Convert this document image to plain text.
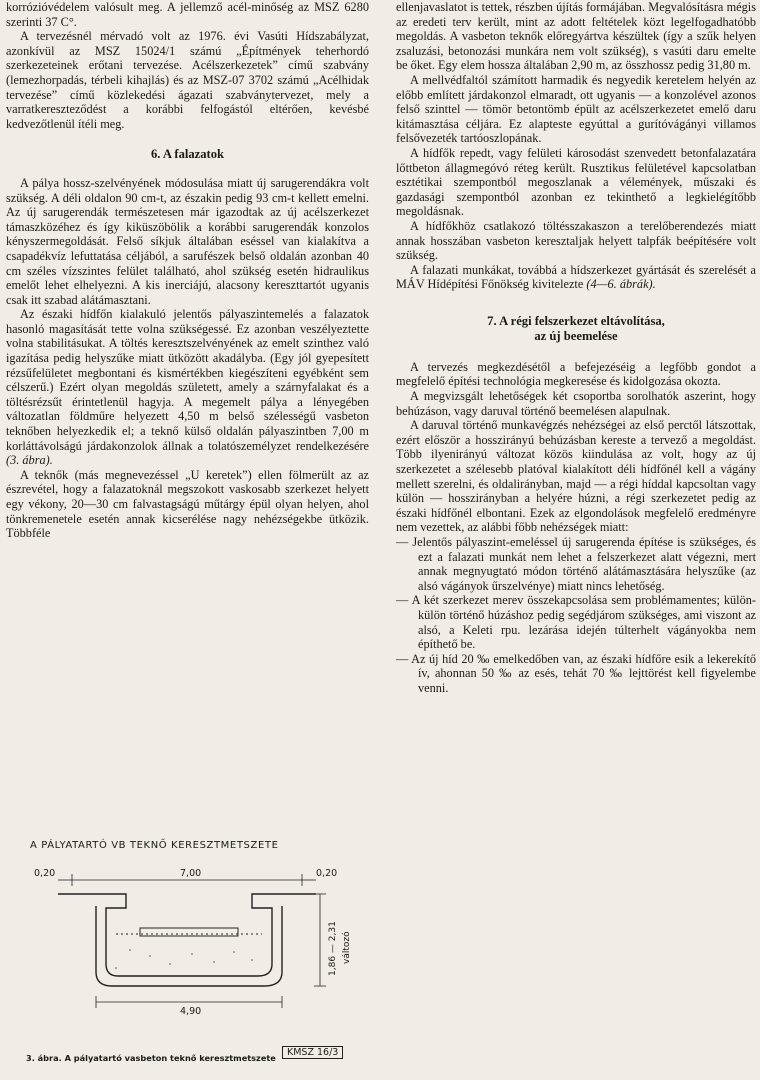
korrózióvédelem valósult meg. A jellemző acél-minőség az MSZ 6280 szerinti 37 C°.

A tervezésnél mérvadó volt az 1976. évi Vasúti Hídszabályzat, azonkívül az MSZ 15024/1 számú „Építmények teherhordó szerkezeteinek erőtani tervezése. Acélszerkezetek” című szabvány (lemezhorpadás, térbeli kihajlás) és az MSZ-07 3702 számú „Acélhidak tervezése” című közlekedési ágazati szabványtervezet, mely a varratkereszteződést a korábbi felfogástól eltérően, kevésbé kedvezőtlenül ítéli meg.

6. A falazatok

A pálya hossz-szelvényének módosulása miatt új sarugerendákra volt szükség. A déli oldalon 90 cm-t, az északin pedig 93 cm-t kellett emelni. Az új sarugerendák természetesen már igazodtak az új acélszerkezet támaszközéhez és így kiküszöbölik a korábbi sarugerendák konzolos kényszermegoldását. Felső síkjuk általában eséssel van kialakítva a csapadékvíz lefuttatása céljából, a sarufészek belső oldalán azonban 40 cm széles vízszintes felület található, ahol szükség esetén hidraulikus emelőt lehet elhelyezni. A kis inerciájú, alacsony kereszttartót ugyanis csak itt szabad alátámasztani.

Az északi hídfőn kialakuló jelentős pályaszintemelés a falazatok hasonló magasítását tette volna szükségessé. Ez azonban veszélyeztette volna stabilitásukat. A töltés keresztszelvényének az emelt szinthez való igazítása pedig helyszűke miatt ütközött akadályba. (Egy jól gyepesített rézsűfelületet megbontani és kismértékben kiegészíteni egyébként sem célszerű.) Ezért olyan megoldás született, amely a szárnyfalakat és a töltésrézsűt érintetlenül hagyja. A megemelt pálya a lényegében változatlan földműre helyezett 4,50 m belső szélességű vasbeton teknőben helyezkedik el; a teknő külső oldalán pályaszintben 7,00 m korláttávolságú járdakonzolok állnak a tolatószemélyzet rendelkezésére (3. ábra).

A teknők (más megnevezéssel „U keretek”) ellen fölmerült az az észrevétel, hogy a falazatoknál megszokott vaskosabb szerkezet helyett egy vékony, 20—30 cm falvastagságú műtárgy épül olyan helyen, ahol tönkremenetele esetén annak kicserélése nagy nehézségekbe ütközik. Többféle

ellenjavaslatot is tettek, részben újítás formájában. Megvalósításra mégis az eredeti terv került, mint az adott feltételek közt legelfogadhatóbb megoldás. A vasbeton teknők előregyártva készültek (így a szűk helyen zsaluzási, betonozási munkára nem volt szükség), s vasúti daru emelte be őket. Egy elem hossza általában 2,90 m, az összhossz pedig 31,80 m.

A mellvédfaltól számított harmadik és negyedik keretelem helyén az előbb említett járdakonzol elmaradt, ott ugyanis — a konzolével azonos felső szinttel — tömör betontömb épült az acélszerkezetet emelő daru kitámasztása céljára. Ez alapteste egyúttal a gurítóvágányi villamos felsővezeték tartóoszlopának.

A hídfők repedt, vagy felületi károsodást szenvedett betonfalazatára lőttbeton állagmegóvó réteg került. Rusztikus felületével kapcsolatban esztétikai szempontból megoszlanak a vélemények, műszaki és gazdasági szempontból azonban ez tekinthető a legkielégítőbb megoldásnak.

A hídfőkhöz csatlakozó töltésszakaszon a terelőberendezés miatt annak hosszában vasbeton keresztaljak helyett talpfák beépítésére volt szükség.

A falazati munkákat, továbbá a hídszerkezet gyártását és szerelését a MÁV Hídépítési Főnökség kivitelezte (4—6. ábrák).

7. A régi felszerkezet eltávolítása,
az új beemelése

A tervezés megkezdésétől a befejezéséig a legfőbb gondot a megfelelő építési technológia megkeresése és kidolgozása okozta.

A megvizsgált lehetőségek két csoportba sorolhatók aszerint, hogy behúzáson, vagy daruval történő beemelésen alapulnak.

A daruval történő munkavégzés nehézségei az első perctől látszottak, ezért először a hosszirányú behúzásban kereste a tervező a megoldást. Több ilyenirányú változat közös kiindulása az volt, hogy az új szerkezetet a szélesebb platóval kialakított déli hídfőnél kell a vágány mellett szerelni, és oldalirányban, majd — a régi híddal kapcsoltan vagy külön — hosszirányban a helyére húzni, a régi szerkezetet pedig az északi hídfőnél elbontani. Ezek az elgondolások megfelelő eredményre nem vezettek, az alábbi főbb nehézségek miatt:

— Jelentős pályaszint-emeléssel új sarugerenda építése is szükséges, és ezt a falazati munkát nem lehet a felszerkezet alatt végezni, mert annak megnyugtató módon történő alátámasztására helyszűke (az alsó vágányok űrszelvénye) miatt nincs lehetőség.

— A két szerkezet merev összekapcsolása sem problémamentes; külön-külön történő húzáshoz pedig segédjárom szükséges, ami viszont az alsó, a Keleti rpu. lezárása idején túlterhelt vágányokba nem építhető be.

— Az új híd 20 ‰ emelkedőben van, az északi hídfőre esik a lekerekítő ív, ahonnan 50 ‰ az esés, tehát 70 ‰ lejttörést kell figyelembe venni.

A PÁLYATARTÓ VB TEKNŐ KERESZTMETSZETE
7,00
0,20	0,20
4,90
1,86 — 2,31 változó
KMSZ 16/3
3. ábra. A pályatartó vasbeton teknő keresztmetszete
